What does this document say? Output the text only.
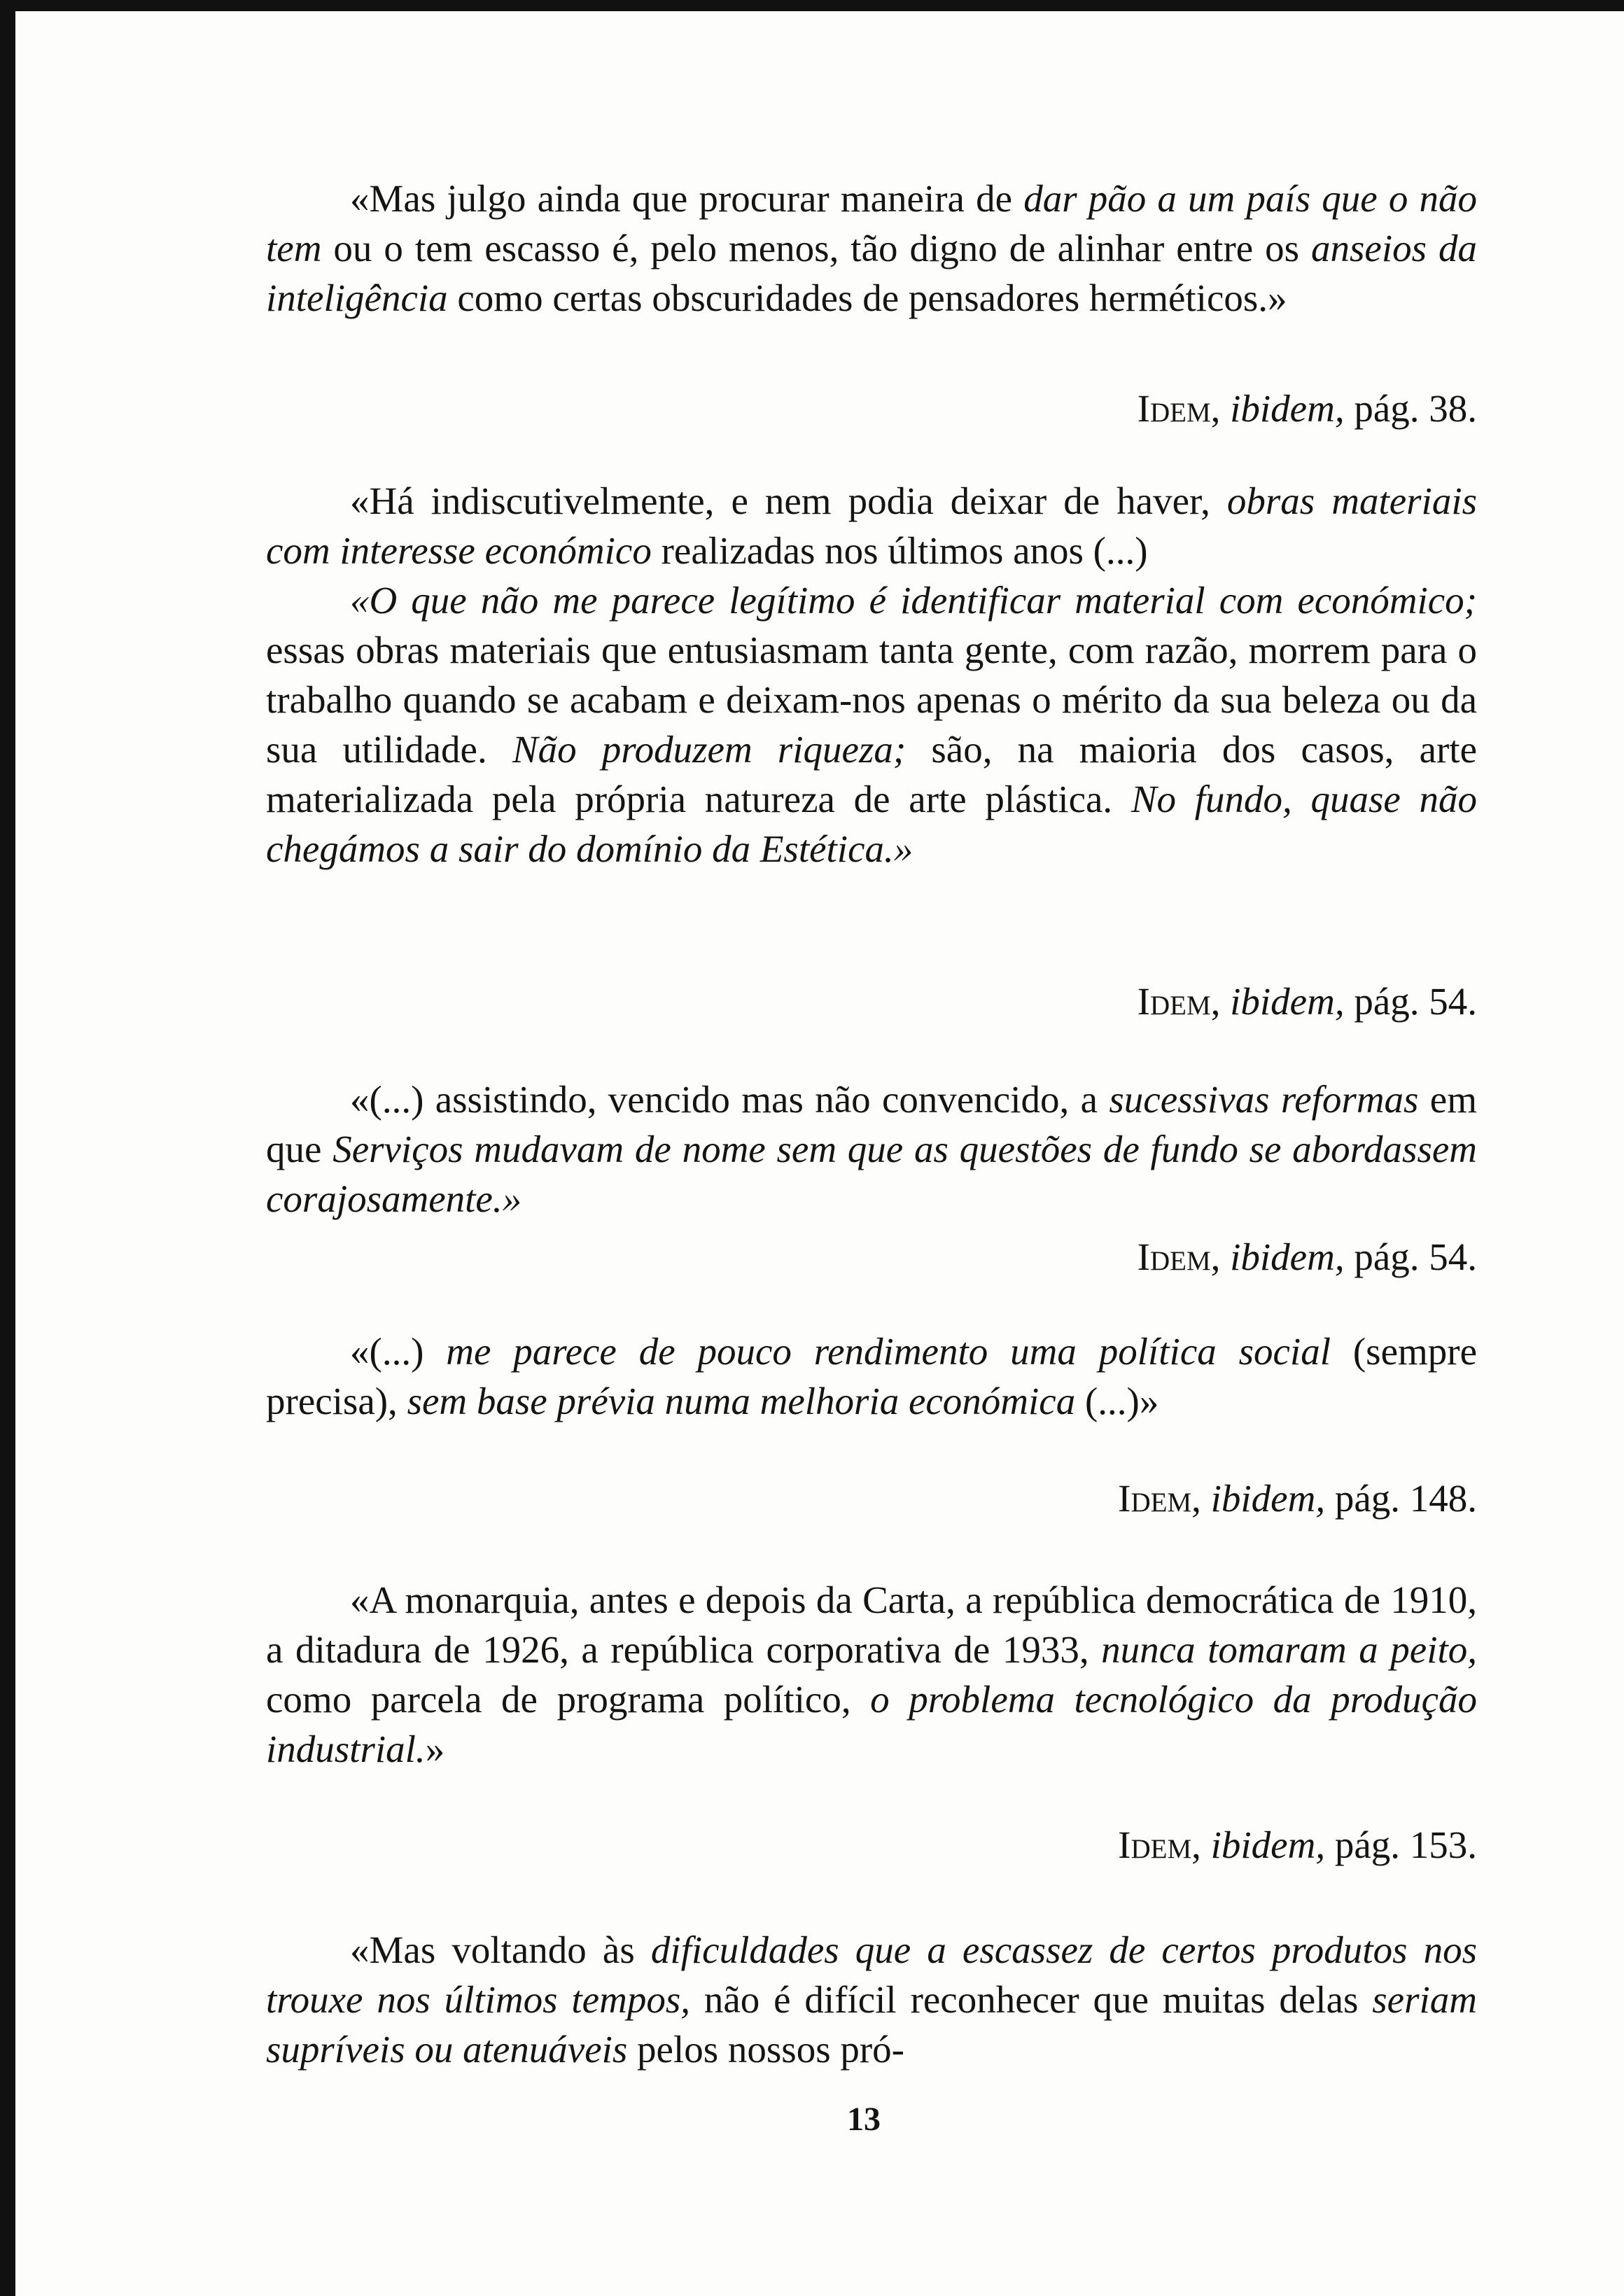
«Mas julgo ainda que procurar maneira de dar pão a um país que o não tem ou o tem escasso é, pelo menos, tão digno de alinhar entre os anseios da inteligência como certas obscuridades de pensadores herméticos.»

Idem, ibidem, pág. 38.

«Há indiscutivelmente, e nem podia deixar de haver, obras materiais com interesse económico realizadas nos últimos anos (...)

«O que não me parece legítimo é identificar material com económico; essas obras materiais que entusiasmam tanta gente, com razão, morrem para o trabalho quando se acabam e deixam-nos apenas o mérito da sua beleza ou da sua utilidade. Não produzem riqueza; são, na maioria dos casos, arte materializada pela própria natureza de arte plástica. No fundo, quase não chegámos a sair do domínio da Estética.»

Idem, ibidem, pág. 54.

«(...) assistindo, vencido mas não convencido, a sucessivas reformas em que Serviços mudavam de nome sem que as questões de fundo se abordassem corajosamente.»

Idem, ibidem, pág. 54.

«(...) me parece de pouco rendimento uma política social (sempre precisa), sem base prévia numa melhoria económica (...)»

Idem, ibidem, pág. 148.

«A monarquia, antes e depois da Carta, a república democrática de 1910, a ditadura de 1926, a república corporativa de 1933, nunca tomaram a peito, como parcela de programa político, o problema tecnológico da produção industrial.»

Idem, ibidem, pág. 153.

«Mas voltando às dificuldades que a escassez de certos produtos nos trouxe nos últimos tempos, não é difícil reconhecer que muitas delas seriam supríveis ou atenuáveis pelos nossos pró-

13
